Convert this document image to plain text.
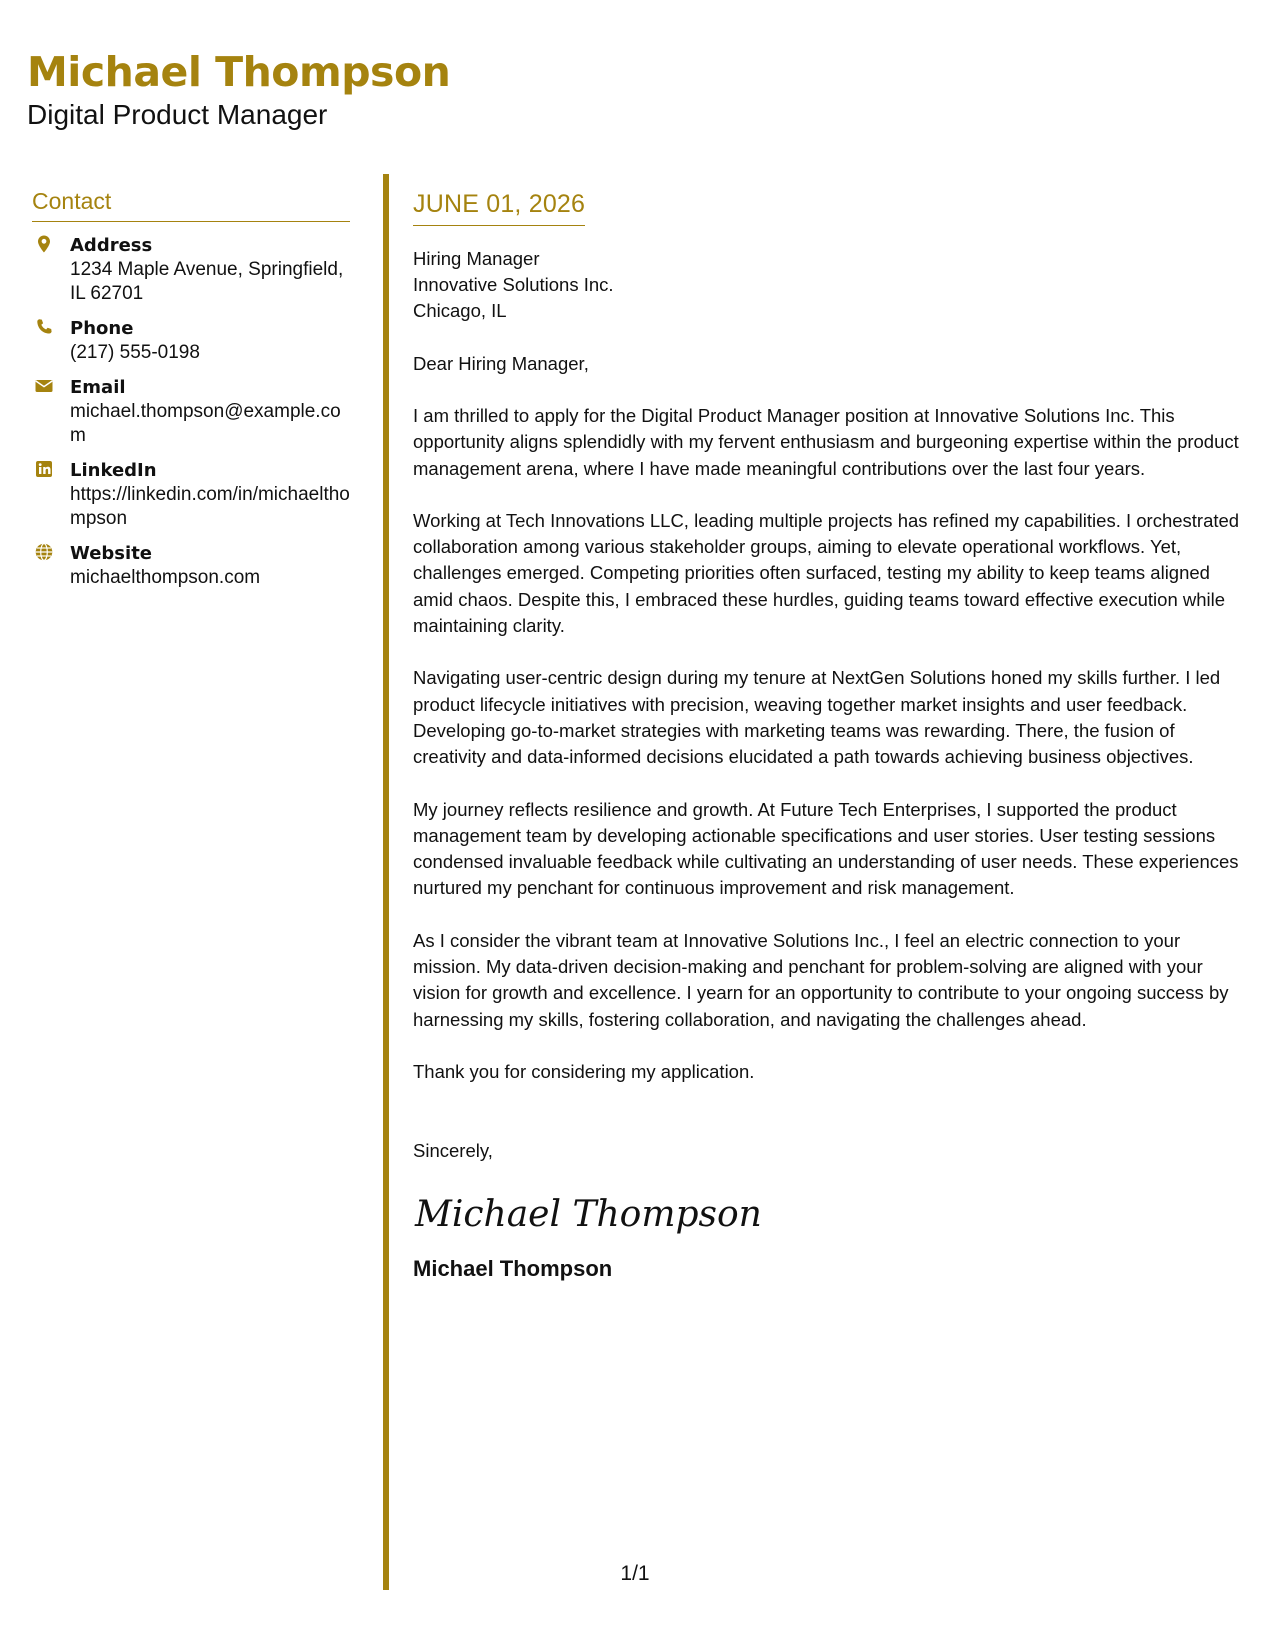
Michael Thompson
Digital Product Manager
Contact
Address
1234 Maple Avenue, Springfield, IL 62701
Phone
(217) 555-0198
Email
michael.thompson@example.com
LinkedIn
https://linkedin.com/in/michaelthompson
Website
michaelthompson.com
JUNE 01, 2026
Hiring Manager
Innovative Solutions Inc.
Chicago, IL
Dear Hiring Manager,
I am thrilled to apply for the Digital Product Manager position at Innovative Solutions Inc. This opportunity aligns splendidly with my fervent enthusiasm and burgeoning expertise within the product management arena, where I have made meaningful contributions over the last four years.
Working at Tech Innovations LLC, leading multiple projects has refined my capabilities. I orchestrated collaboration among various stakeholder groups, aiming to elevate operational workflows. Yet, challenges emerged. Competing priorities often surfaced, testing my ability to keep teams aligned amid chaos. Despite this, I embraced these hurdles, guiding teams toward effective execution while maintaining clarity.
Navigating user-centric design during my tenure at NextGen Solutions honed my skills further. I led product lifecycle initiatives with precision, weaving together market insights and user feedback. Developing go-to-market strategies with marketing teams was rewarding. There, the fusion of creativity and data-informed decisions elucidated a path towards achieving business objectives.
My journey reflects resilience and growth. At Future Tech Enterprises, I supported the product management team by developing actionable specifications and user stories. User testing sessions condensed invaluable feedback while cultivating an understanding of user needs. These experiences nurtured my penchant for continuous improvement and risk management.
As I consider the vibrant team at Innovative Solutions Inc., I feel an electric connection to your mission. My data-driven decision-making and penchant for problem-solving are aligned with your vision for growth and excellence. I yearn for an opportunity to contribute to your ongoing success by harnessing my skills, fostering collaboration, and navigating the challenges ahead.
Thank you for considering my application.
Sincerely,
Michael Thompson
Michael Thompson
1/1
